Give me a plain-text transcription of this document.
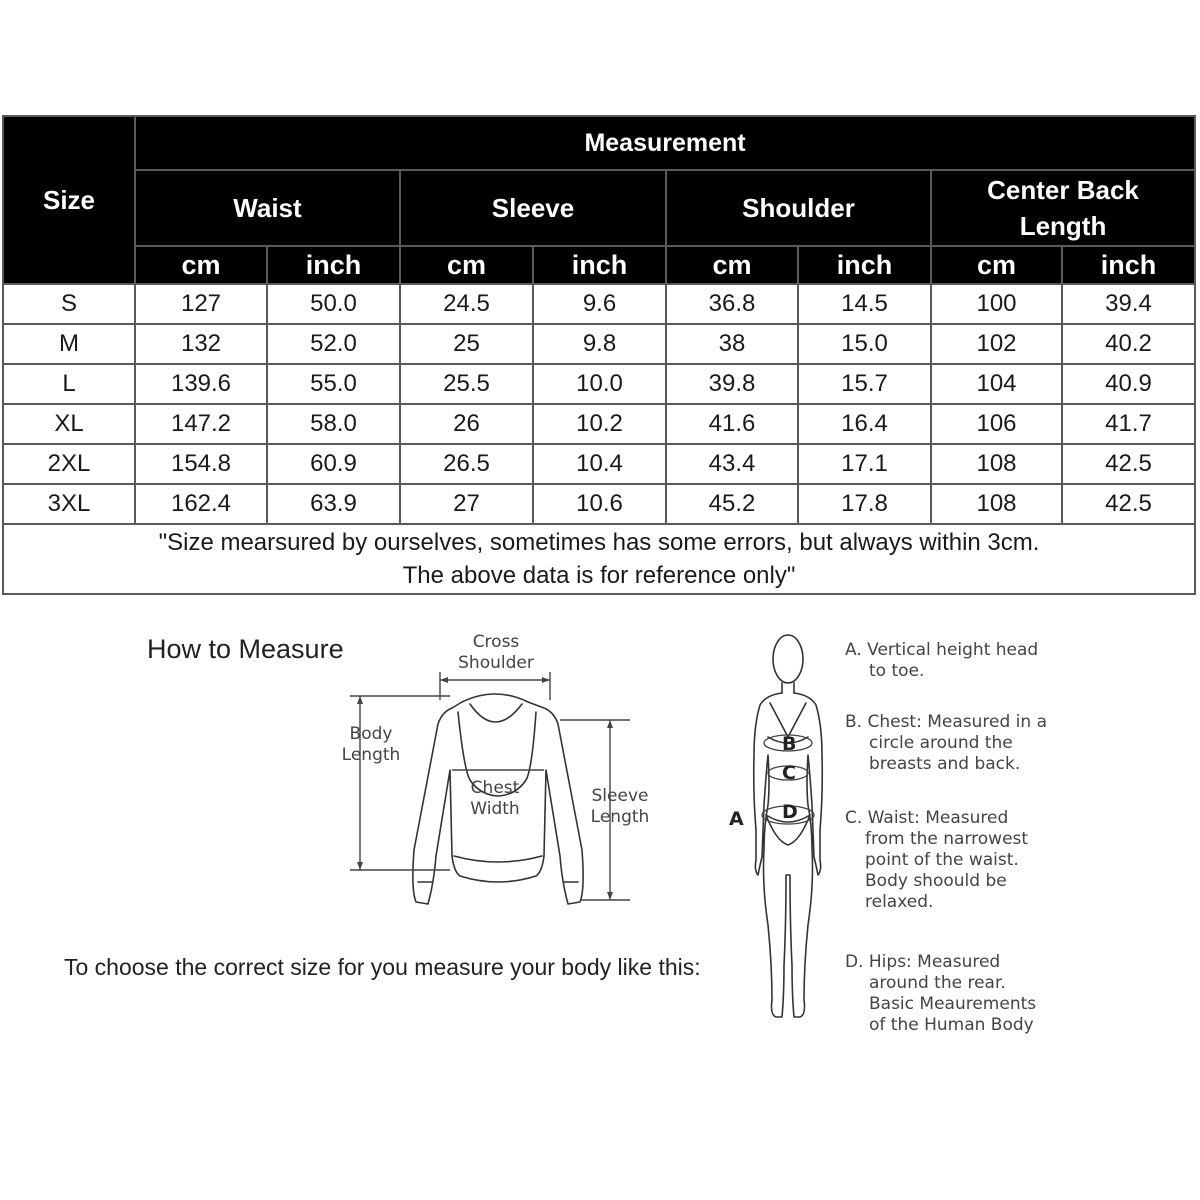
Size	Measurement							
	Waist		Sleeve		Shoulder		Center Back
Length	

	cm	inch	cm	inch	cm	inch	cm	inch
S	127	50.0	24.5	9.6	36.8	14.5	100	39.4
M	132	52.0	25	9.8	38	15.0	102	40.2
L	139.6	55.0	25.5	10.0	39.8	15.7	104	40.9
XL	147.2	58.0	26	10.2	41.6	16.4	106	41.7
2XL	154.8	60.9	26.5	10.4	43.4	17.1	108	42.5
3XL	162.4	63.9	27	10.6	45.2	17.8	108	42.5

"Size mearsured by ourselves, sometimes has some errors, but always within 3cm.
The above data is for reference only"								
How to Measure	Cross
Shoulder
Body
Length
Chest
Width
Sleeve
Length	A
B
C
D
A. Vertical height head
to toe.
B. Chest: Measured in a
circle around the
breasts and back.
C. Waist: Measured
from the narrowest
point of the waist.
Body shoould be
relaxed.
D. Hips: Measured
around the rear.
Basic Meaurements
of the Human Body
To choose the correct size for you measure your body like this:
